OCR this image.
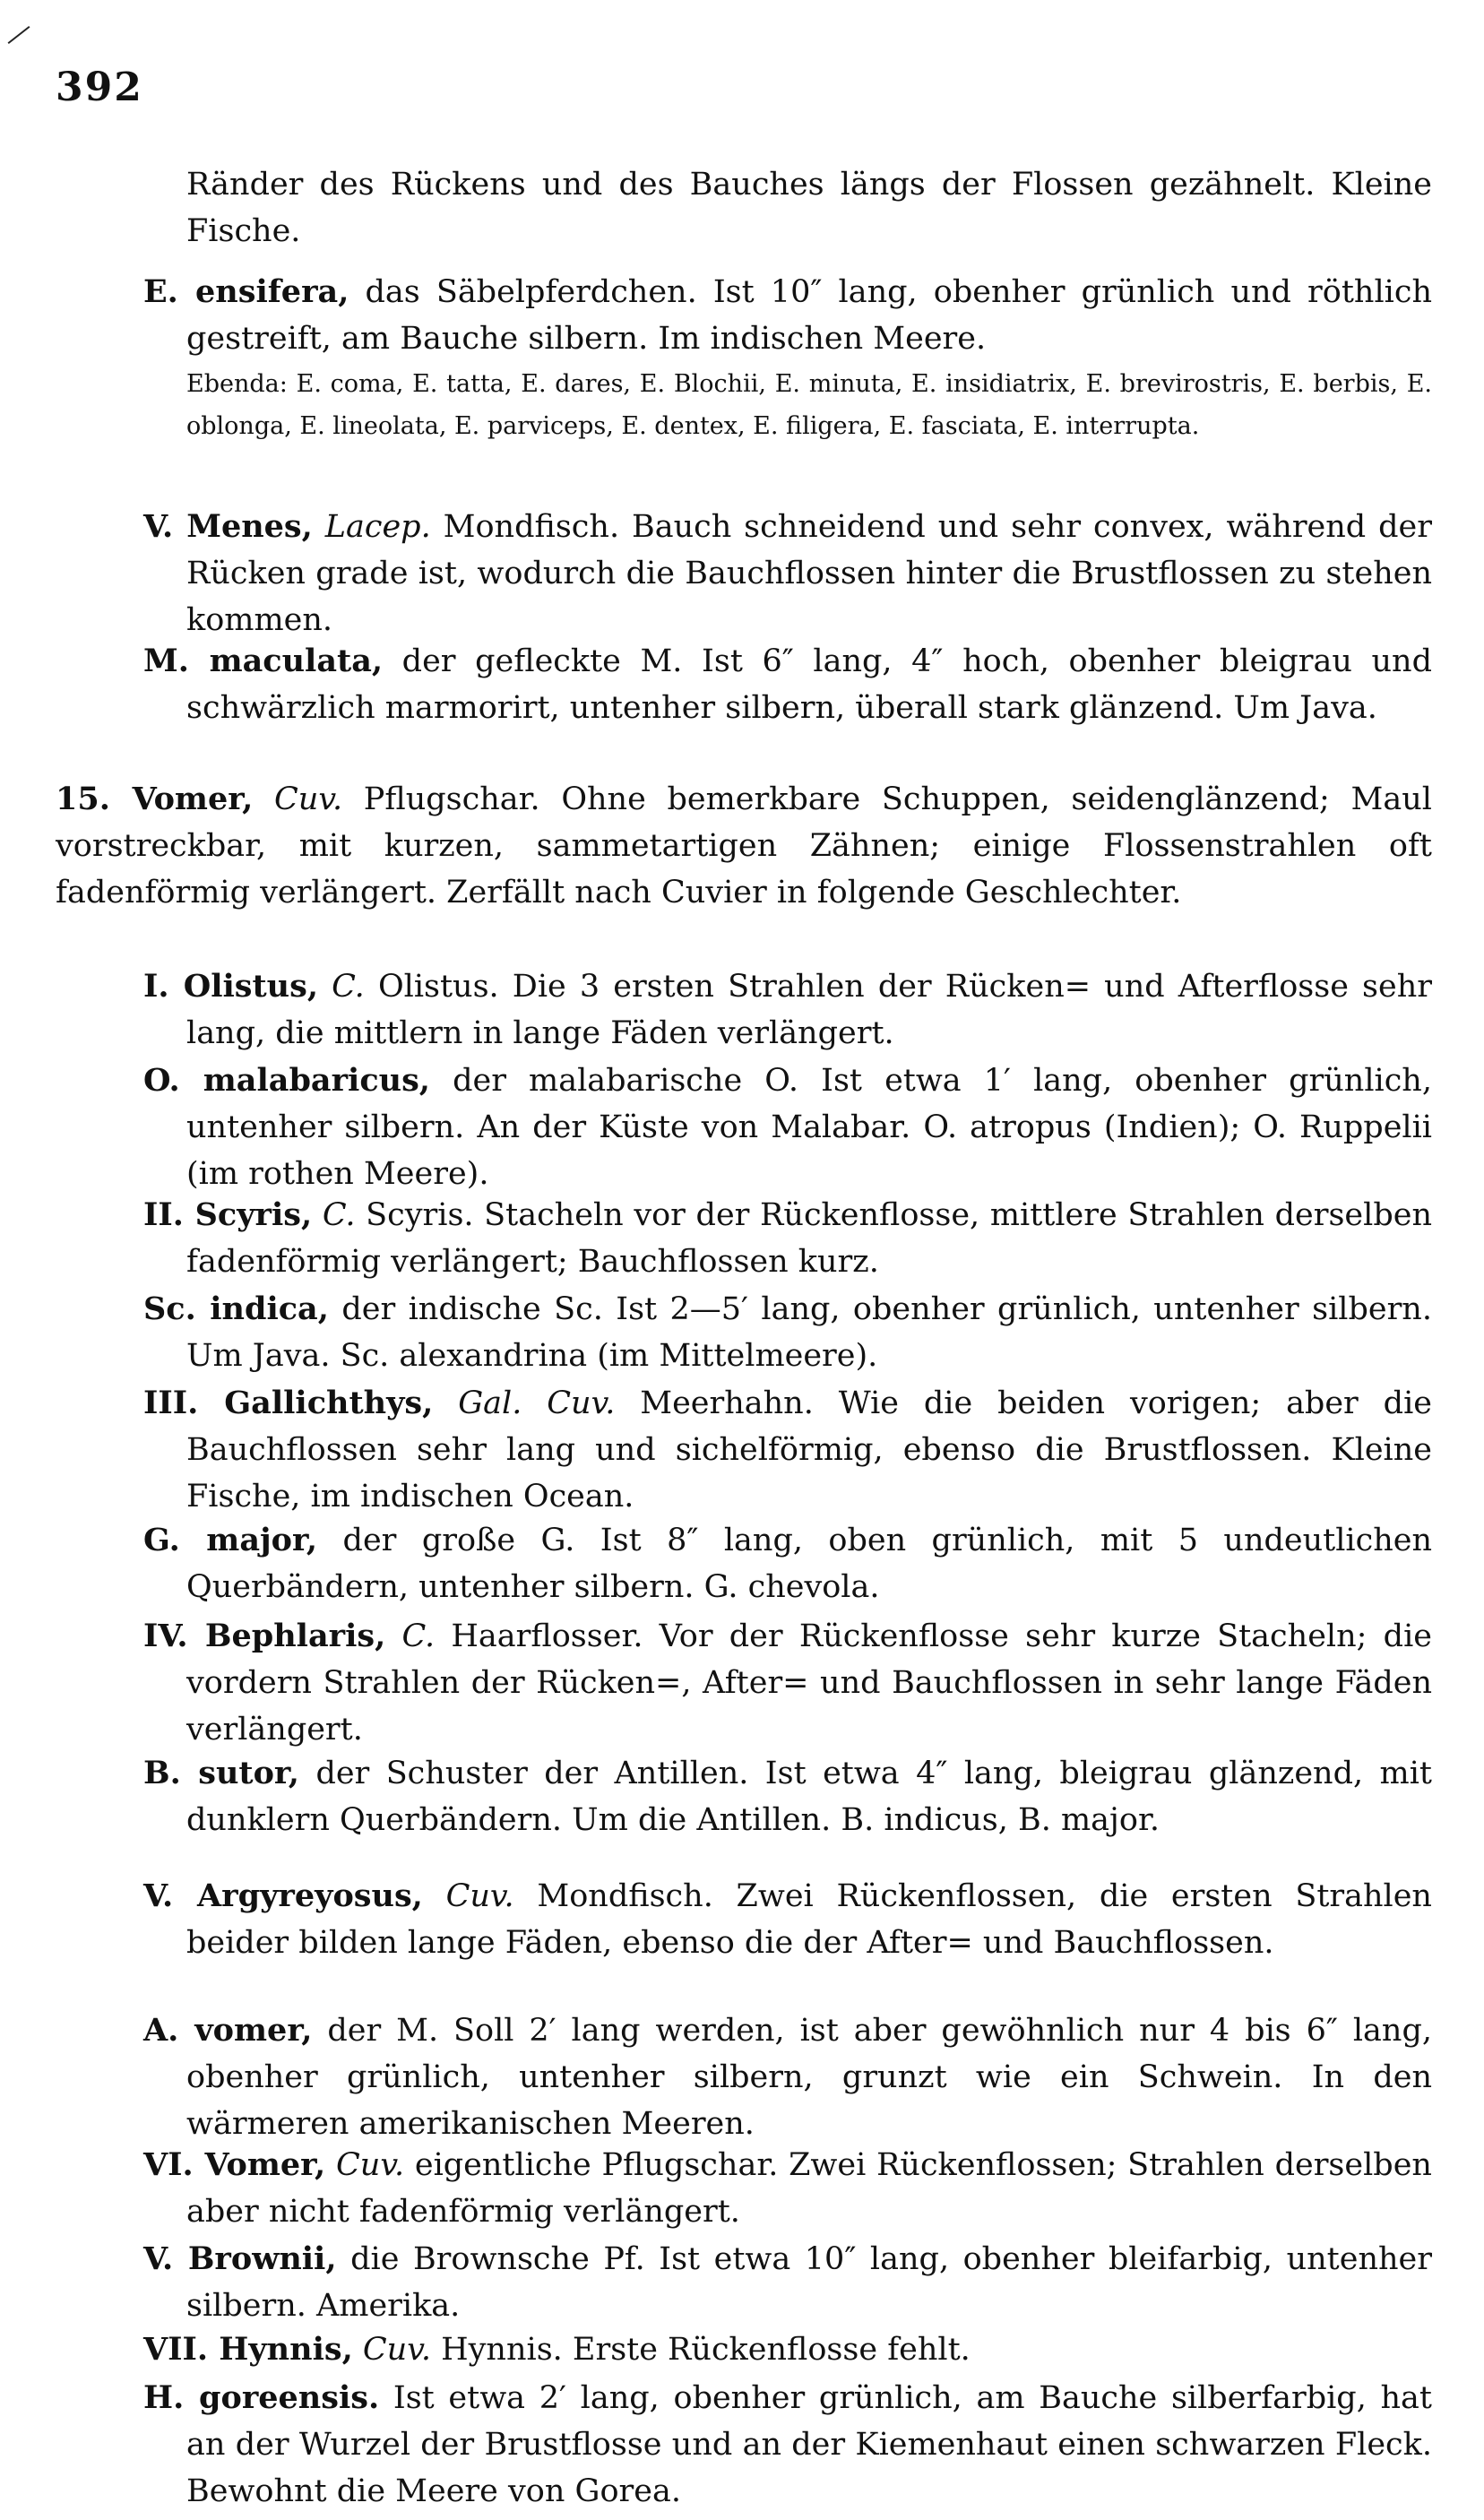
392
Ränder des Rückens und des Bauches längs der Flossen gezähnelt. Kleine Fische.
E. ensifera, das Säbelpferdchen. Ist 10″ lang, obenher grünlich und röthlich gestreift, am Bauche silbern. Im indischen Meere.
Ebenda: E. coma, E. tatta, E. dares, E. Blochii, E. minuta, E. insidiatrix, E. brevirostris, E. berbis, E. oblonga, E. lineolata, E. parviceps, E. dentex, E. filigera, E. fasciata, E. interrupta.
V. Menes, Lacep. Mondfisch. Bauch schneidend und sehr convex, während der Rücken grade ist, wodurch die Bauchflossen hinter die Brustflossen zu stehen kommen.
M. maculata, der gefleckte M. Ist 6″ lang, 4″ hoch, obenher bleigrau und schwärzlich marmorirt, untenher silbern, überall stark glänzend. Um Java.
15. Vomer, Cuv. Pflugschar. Ohne bemerkbare Schuppen, seidenglänzend; Maul vorstreckbar, mit kurzen, sammetartigen Zähnen; einige Flossenstrahlen oft fadenförmig verlängert. Zerfällt nach Cuvier in folgende Geschlechter.
I. Olistus, C. Olistus. Die 3 ersten Strahlen der Rücken= und Afterflosse sehr lang, die mittlern in lange Fäden verlängert.
O. malabaricus, der malabarische O. Ist etwa 1′ lang, obenher grünlich, untenher silbern. An der Küste von Malabar. O. atropus (Indien); O. Ruppelii (im rothen Meere).
II. Scyris, C. Scyris. Stacheln vor der Rückenflosse, mittlere Strahlen derselben fadenförmig verlängert; Bauchflossen kurz.
Sc. indica, der indische Sc. Ist 2—5′ lang, obenher grünlich, untenher silbern. Um Java. Sc. alexandrina (im Mittelmeere).
III. Gallichthys, Gal. Cuv. Meerhahn. Wie die beiden vorigen; aber die Bauchflossen sehr lang und sichelförmig, ebenso die Brustflossen. Kleine Fische, im indischen Ocean.
G. major, der große G. Ist 8″ lang, oben grünlich, mit 5 undeutlichen Querbändern, untenher silbern. G. chevola.
IV. Bephlaris, C. Haarflosser. Vor der Rückenflosse sehr kurze Stacheln; die vordern Strahlen der Rücken=, After= und Bauchflossen in sehr lange Fäden verlängert.
B. sutor, der Schuster der Antillen. Ist etwa 4″ lang, bleigrau glänzend, mit dunklern Querbändern. Um die Antillen. B. indicus, B. major.
V. Argyreyosus, Cuv. Mondfisch. Zwei Rückenflossen, die ersten Strahlen beider bilden lange Fäden, ebenso die der After= und Bauchflossen.
A. vomer, der M. Soll 2′ lang werden, ist aber gewöhnlich nur 4 bis 6″ lang, obenher grünlich, untenher silbern, grunzt wie ein Schwein. In den wärmeren amerikanischen Meeren.
VI. Vomer, Cuv. eigentliche Pflugschar. Zwei Rückenflossen; Strahlen derselben aber nicht fadenförmig verlängert.
V. Brownii, die Brownsche Pf. Ist etwa 10″ lang, obenher bleifarbig, untenher silbern. Amerika.
VII. Hynnis, Cuv. Hynnis. Erste Rückenflosse fehlt.
H. goreensis. Ist etwa 2′ lang, obenher grünlich, am Bauche silberfarbig, hat an der Wurzel der Brustflosse und an der Kiemenhaut einen schwarzen Fleck. Bewohnt die Meere von Gorea.
